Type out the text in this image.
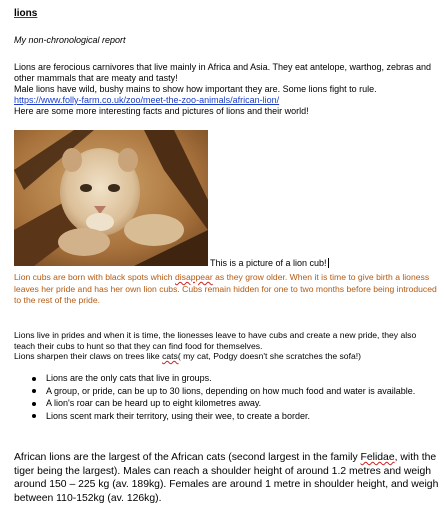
lions
My non-chronological report
Lions are ferocious carnivores that live mainly in Africa and Asia. They eat antelope, warthog, zebras and other mammals that are meaty and tasty!
Male lions have wild, bushy mains to show how important they are. Some lions fight to rule.
https://www.folly-farm.co.uk/zoo/meet-the-zoo-animals/african-lion/
Here are some more interesting facts and pictures of lions and their world!
This is a picture of a lion cub!
Lion cubs are born with black spots which disappear as they grow older. When it is time to give birth a lioness leaves her pride and has her own lion cubs. Cubs remain hidden for one to two months before being introduced to the rest of the pride.
Lions live in prides and when it is time, the lionesses leave to have cubs and create a new pride, they also teach their cubs to hunt so that they can find food for themselves.
Lions sharpen their claws on trees like cats( my cat, Podgy doesn't she scratches the sofa!)
Lions are the only cats that live in groups.
A group, or pride, can be up to 30 lions, depending on how much food and water is available.
A lion's roar can be heard up to eight kilometres away.
Lions scent mark their territory, using their wee, to create a border.
African lions are the largest of the African cats (second largest in the family Felidae, with the tiger being the largest). Males can reach a shoulder height of around 1.2 metres and weigh around 150 – 225 kg (av. 189kg). Females are around 1 metre in shoulder height, and weigh between 110-152kg (av. 126kg).
